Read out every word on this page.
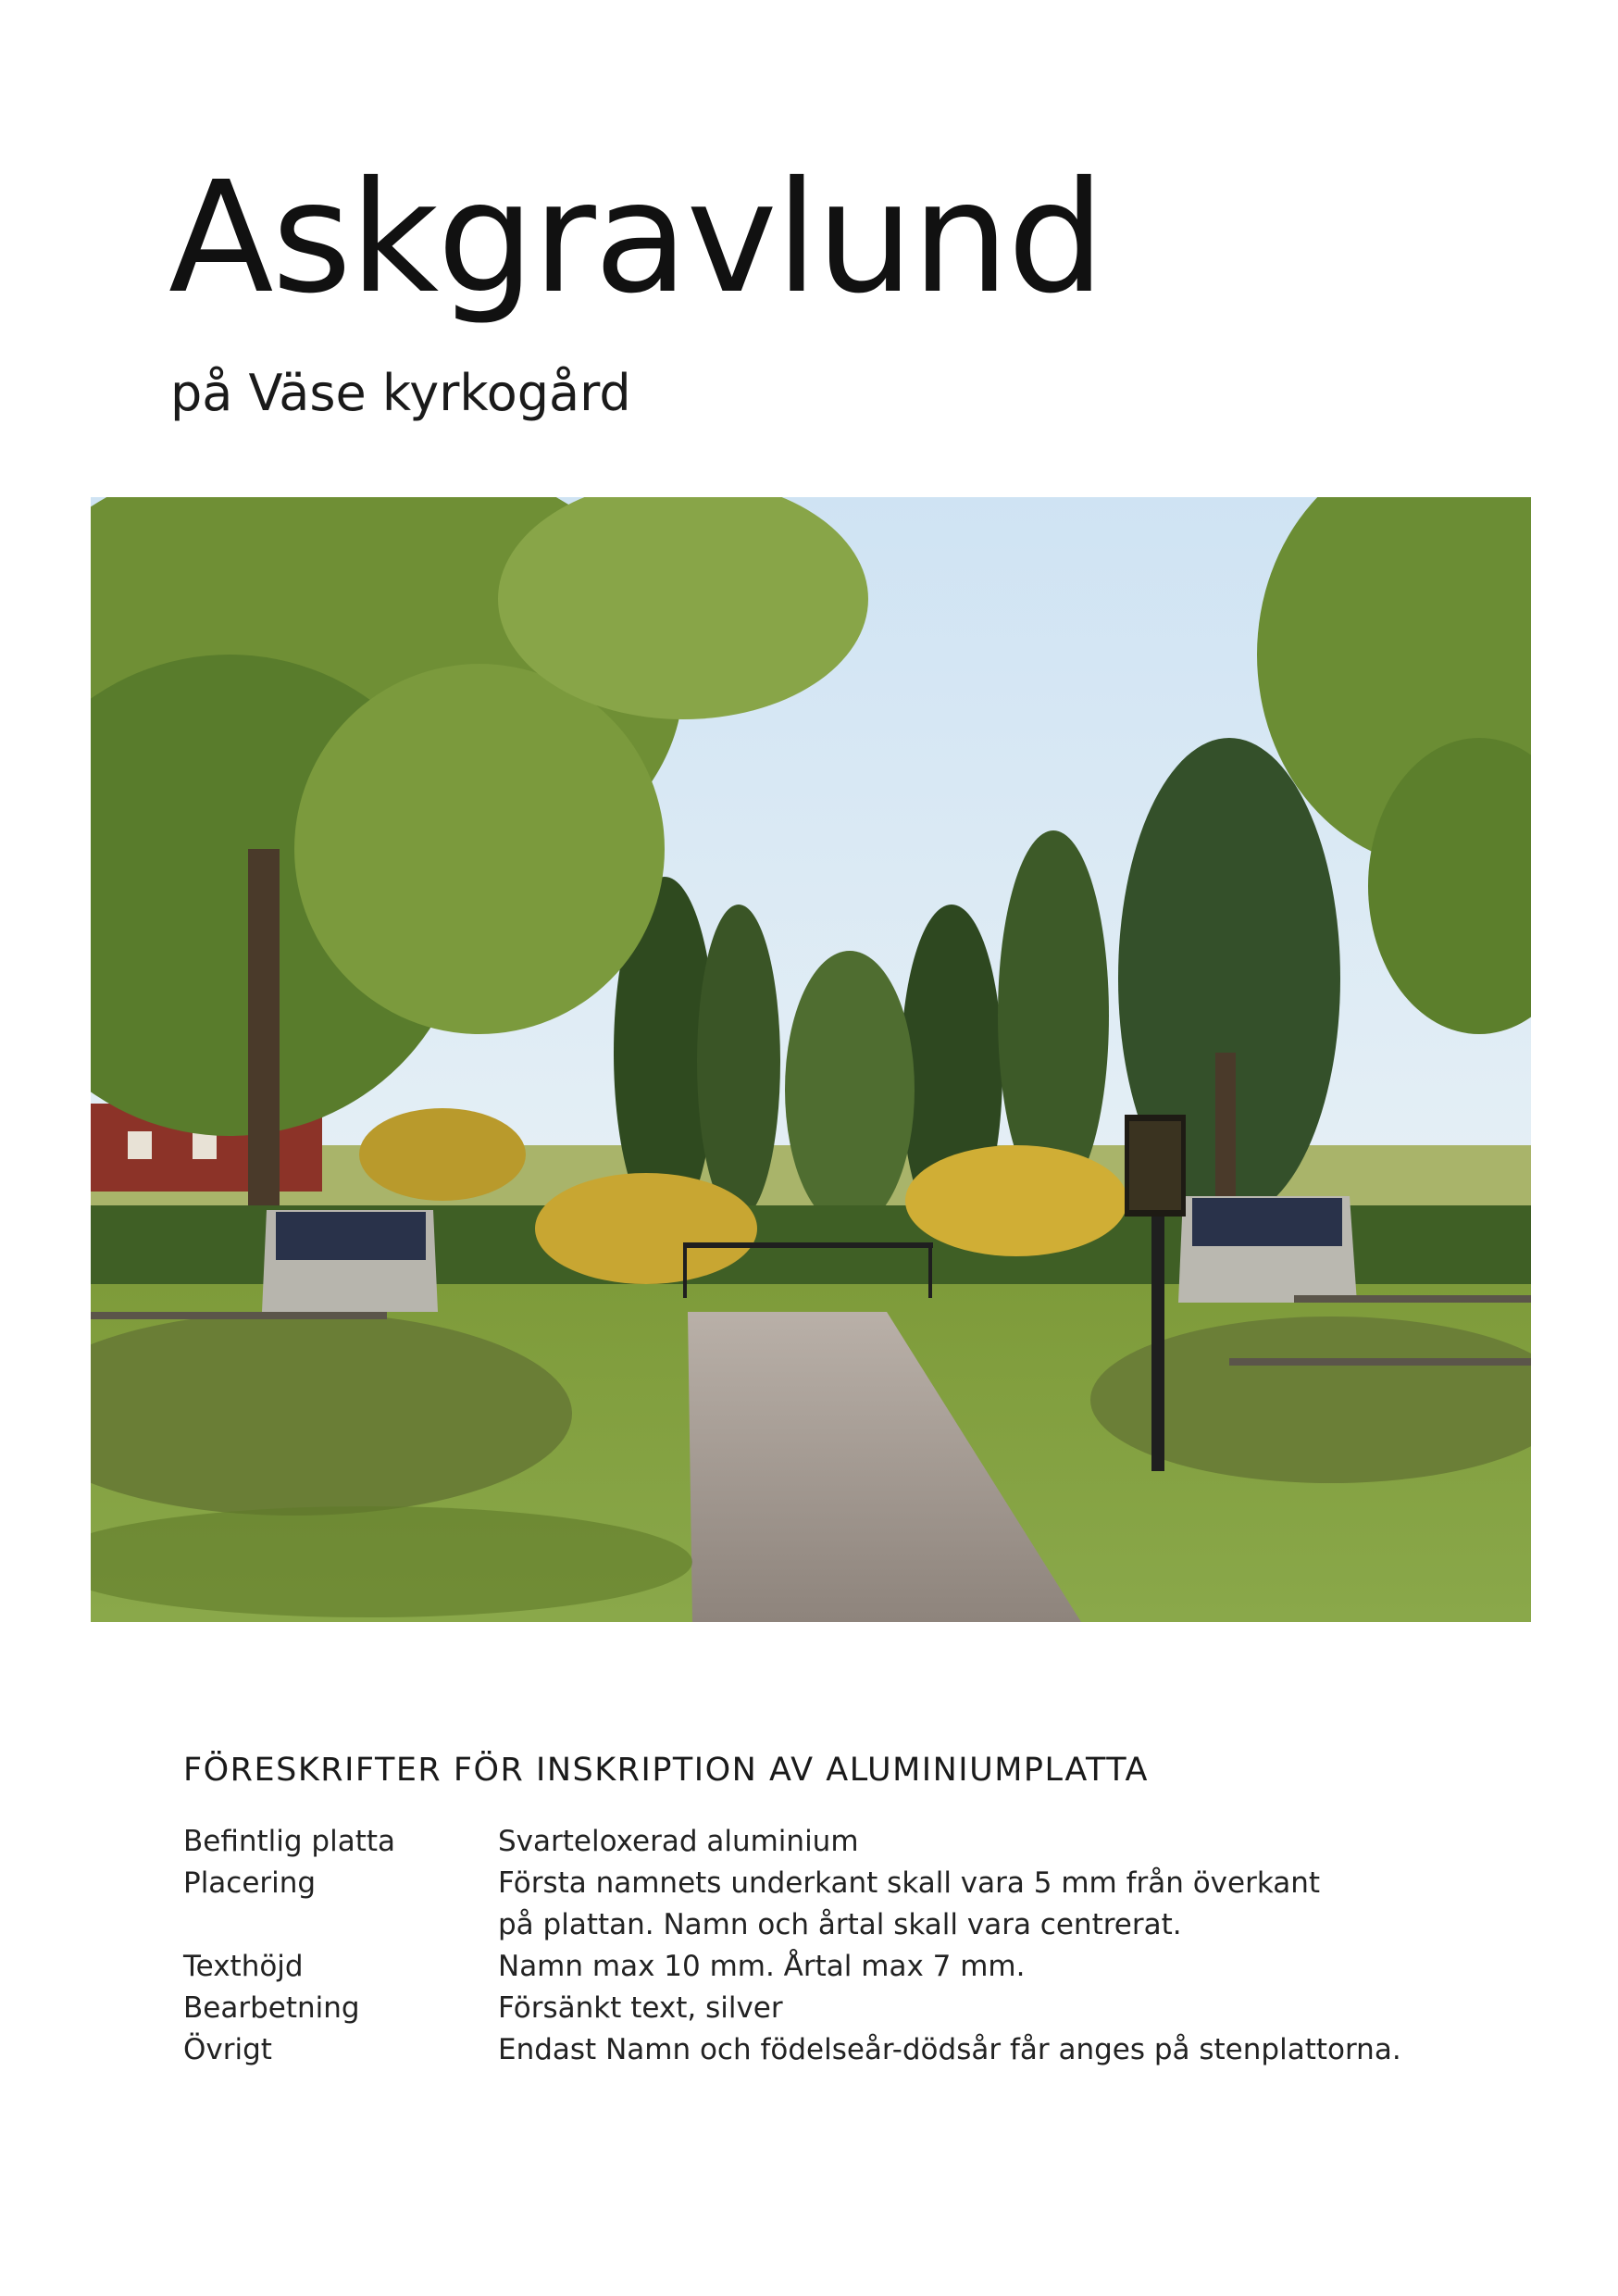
Askgravlund

på Väse kyrkogård

FÖRESKRIFTER FÖR INSKRIPTION AV ALUMINIUMPLATTA
Befintlig platta	Svarteloxerad aluminium

Placering	Första namnets underkant skall vara 5 mm från överkant
på plattan. Namn och årtal skall vara centrerat.

Texthöjd	Namn max 10 mm. Årtal max 7 mm.

Bearbetning	Försänkt text, silver

Övrigt	Endast Namn och födelseår-dödsår får anges på stenplattorna.
